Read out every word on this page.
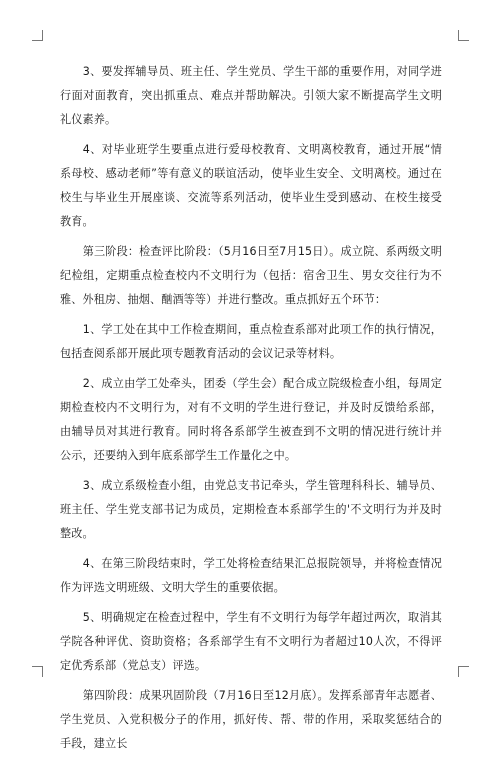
3、要发挥辅导员、班主任、学生党员、学生干部的重要作用，对同学进行面对面教育，突出抓重点、难点并帮助解决。引领大家不断提高学生文明礼仪素养。

4、对毕业班学生要重点进行爱母校教育、文明离校教育，通过开展“情系母校、感动老师”等有意义的联谊活动，使毕业生安全、文明离校。通过在校生与毕业生开展座谈、交流等系列活动，使毕业生受到感动、在校生接受教育。

第三阶段：检查评比阶段：（5月16日至7月15日）。成立院、系两级文明纪检组，定期重点检查校内不文明行为（包括：宿舍卫生、男女交往行为不雅、外租房、抽烟、酗酒等等）并进行整改。重点抓好五个环节：

1、学工处在其中工作检查期间，重点检查系部对此项工作的执行情况，包括查阅系部开展此项专题教育活动的会议记录等材料。

2、成立由学工处牵头，团委（学生会）配合成立院级检查小组，每周定期检查校内不文明行为，对有不文明的学生进行登记，并及时反馈给系部，由辅导员对其进行教育。同时将各系部学生被查到不文明的情况进行统计并公示，还要纳入到年底系部学生工作量化之中。

3、成立系级检查小组，由党总支书记牵头，学生管理科科长、辅导员、班主任、学生党支部书记为成员，定期检查本系部学生的'不文明行为并及时整改。

4、在第三阶段结束时，学工处将检查结果汇总报院领导，并将检查情况作为评选文明班级、文明大学生的重要依据。

5、明确规定在检查过程中，学生有不文明行为每学年超过两次，取消其学院各种评优、资助资格；各系部学生有不文明行为者超过10人次，不得评定优秀系部（党总支）评选。

第四阶段：成果巩固阶段（7月16日至12月底）。发挥系部青年志愿者、学生党员、入党积极分子的作用，抓好传、帮、带的作用，采取奖惩结合的手段，建立长
